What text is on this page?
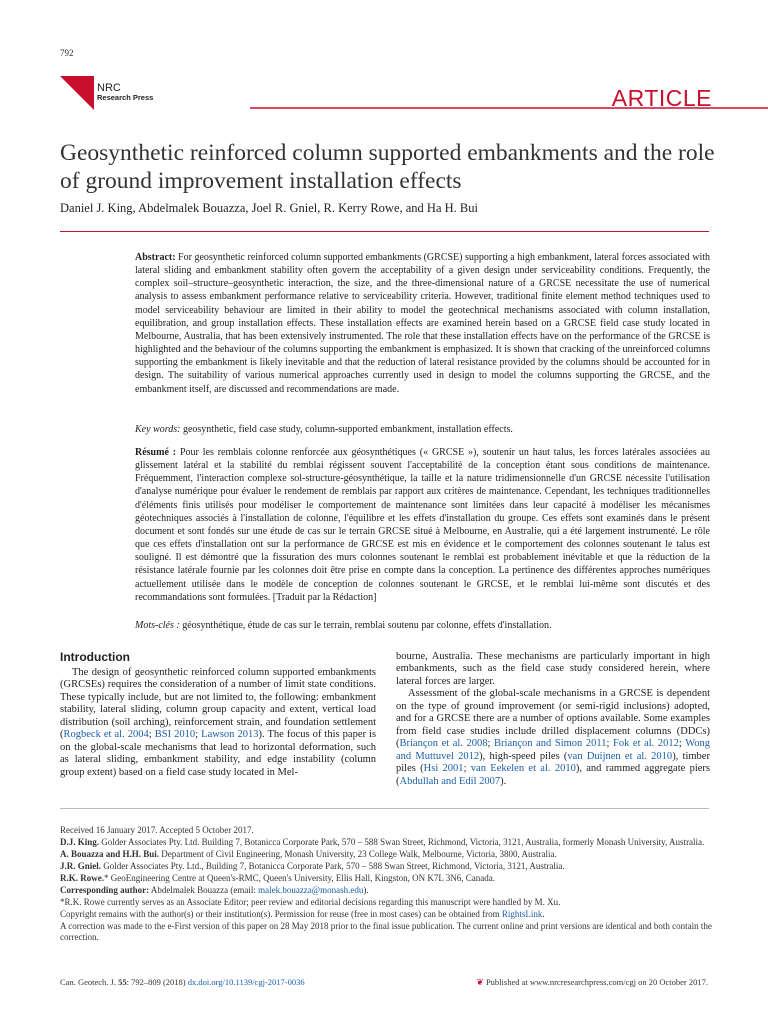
792
NRC
Research Press	ARTICLE
Geosynthetic reinforced column supported embankments and the role of ground improvement installation effects
Daniel J. King, Abdelmalek Bouazza, Joel R. Gniel, R. Kerry Rowe, and Ha H. Bui
Abstract: For geosynthetic reinforced column supported embankments (GRCSE) supporting a high embankment, lateral forces associated with lateral sliding and embankment stability often govern the acceptability of a given design under serviceability conditions. Frequently, the complex soil–structure–geosynthetic interaction, the size, and the three-dimensional nature of a GRCSE necessitate the use of numerical analysis to assess embankment performance relative to serviceability criteria. However, traditional finite element method techniques used to model serviceability behaviour are limited in their ability to model the geotechnical mechanisms associated with column installation, equilibration, and group installation effects. These installation effects are examined herein based on a GRCSE field case study located in Melbourne, Australia, that has been extensively instrumented. The role that these installation effects have on the performance of the GRCSE is highlighted and the behaviour of the columns supporting the embankment is emphasized. It is shown that cracking of the unreinforced columns supporting the embankment is likely inevitable and that the reduction of lateral resistance provided by the columns should be accounted for in design. The suitability of various numerical approaches currently used in design to model the columns supporting the GRCSE, and the embankment itself, are discussed and recommendations are made.
Key words: geosynthetic, field case study, column-supported embankment, installation effects.
Résumé : Pour les remblais colonne renforcée aux géosynthétiques (« GRCSE »), soutenir un haut talus, les forces latérales associées au glissement latéral et la stabilité du remblai régissent souvent l'acceptabilité de la conception étant sous conditions de maintenance. Fréquemment, l'interaction complexe sol-structure-géosynthétique, la taille et la nature tridimensionnelle d'un GRCSE nécessite l'utilisation d'analyse numérique pour évaluer le rendement de remblais par rapport aux critères de maintenance. Cependant, les techniques traditionnelles d'éléments finis utilisés pour modéliser le comportement de maintenance sont limitées dans leur capacité à modéliser les mécanismes géotechniques associés à l'installation de colonne, l'équilibre et les effets d'installation du groupe. Ces effets sont examinés dans le présent document et sont fondés sur une étude de cas sur le terrain GRCSE situé à Melbourne, en Australie, qui a été largement instrumenté. Le rôle que ces effets d'installation ont sur la performance de GRCSE est mis en évidence et le comportement des colonnes soutenant le talus est souligné. Il est démontré que la fissuration des murs colonnes soutenant le remblai est probablement inévitable et que la réduction de la résistance latérale fournie par les colonnes doit être prise en compte dans la conception. La pertinence des différentes approches numériques actuellement utilisée dans le modèle de conception de colonnes soutenant le GRCSE, et le remblai lui-même sont discutés et des recommandations sont formulées. [Traduit par la Rédaction]
Mots-clés : géosynthétique, étude de cas sur le terrain, remblai soutenu par colonne, effets d'installation.
Introduction
The design of geosynthetic reinforced column supported embankments (GRCSEs) requires the consideration of a number of limit state conditions. These typically include, but are not limited to, the following: embankment stability, lateral sliding, column group capacity and extent, vertical load distribution (soil arching), reinforcement strain, and foundation settlement (Rogbeck et al. 2004; BSI 2010; Lawson 2013). The focus of this paper is on the global-scale mechanisms that lead to horizontal deformation, such as lateral sliding, embankment stability, and edge instability (column group extent) based on a field case study located in Mel-

bourne, Australia. These mechanisms are particularly important in high embankments, such as the field case study considered herein, where lateral forces are larger.

Assessment of the global-scale mechanisms in a GRCSE is dependent on the type of ground improvement (or semi-rigid inclusions) adopted, and for a GRCSE there are a number of options available. Some examples from field case studies include drilled displacement columns (DDCs) (Briançon et al. 2008; Briançon and Simon 2011; Fok et al. 2012; Wong and Muttuvel 2012), high-speed piles (van Duijnen et al. 2010), timber piles (Hsi 2001; van Eekelen et al. 2010), and rammed aggregate piers (Abdullah and Edil 2007).

Received 16 January 2017. Accepted 5 October 2017.

D.J. King. Golder Associates Pty. Ltd. Building 7, Botanicca Corporate Park, 570 – 588 Swan Street, Richmond, Victoria, 3121, Australia, formerly Monash University, Australia.

A. Bouazza and H.H. Bui. Department of Civil Engineering, Monash University, 23 College Walk, Melbourne, Victoria, 3800, Australia.

J.R. Gniel. Golder Associates Pty. Ltd., Building 7, Botanicca Corporate Park, 570 – 588 Swan Street, Richmond, Victoria, 3121, Australia.

R.K. Rowe.* GeoEngineering Centre at Queen's-RMC, Queen's University, Ellis Hall, Kingston, ON K7L 3N6, Canada.

Corresponding author: Abdelmalek Bouazza (email: malek.bouazza@monash.edu).

*R.K. Rowe currently serves as an Associate Editor; peer review and editorial decisions regarding this manuscript were handled by M. Xu.

Copyright remains with the author(s) or their institution(s). Permission for reuse (free in most cases) can be obtained from RightsLink.

A correction was made to the e-First version of this paper on 28 May 2018 prior to the final issue publication. The current online and print versions are identical and both contain the correction.

Can. Geotech. J. 55: 792–809 (2018) dx.doi.org/10.1139/cgj-2017-0036	❦ Published at www.nrcresearchpress.com/cgj on 20 October 2017.
